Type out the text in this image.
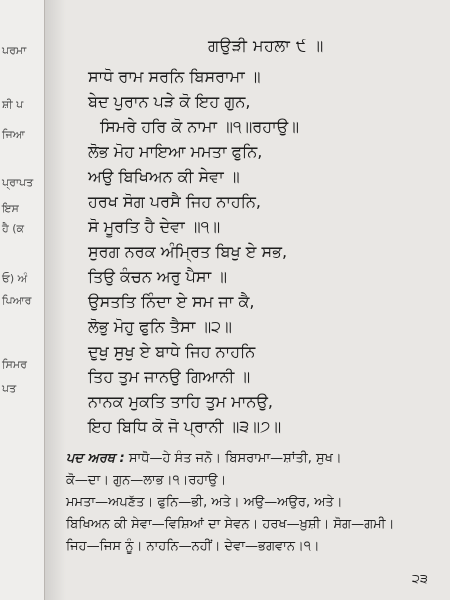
ਪਰਮਾ
ਸ਼ੀ ਪ
ਜਿਆ
ਪ੍ਰਾਪਤ
ਇਸ
ਹੈ (ਕ
ਓ) ਅੰ
ਪਿਆਰ
ਸਿਮਰ
ਪਤ
ਗਉੜੀ ਮਹਲਾ ੯ ॥
ਸਾਧੋ ਰਾਮ ਸਰਨਿ ਬਿਸਰਾਮਾ ॥
ਬੇਦ ਪੁਰਾਨ ਪੜੇ ਕੋ ਇਹ ਗੁਨ,
ਸਿਮਰੇ ਹਰਿ ਕੋ ਨਾਮਾ ॥੧॥ਰਹਾਉ॥
ਲੋਭ ਮੋਹ ਮਾਇਆ ਮਮਤਾ ਫੁਨਿ,
ਅਉ ਬਿਖਿਅਨ ਕੀ ਸੇਵਾ ॥
ਹਰਖ ਸੋਗ ਪਰਸੈ ਜਿਹ ਨਾਹਨਿ,
ਸੋ ਮੂਰਤਿ ਹੈ ਦੇਵਾ ॥੧॥
ਸੁਰਗ ਨਰਕ ਅੰਮ੍ਰਿਤ ਬਿਖੁ ਏ ਸਭ,
ਤਿਉ ਕੰਚਨ ਅਰੁ ਪੈਸਾ ॥
ਉਸਤਤਿ ਨਿੰਦਾ ਏ ਸਮ ਜਾ ਕੈ,
ਲੋਭੁ ਮੋਹੁ ਫੁਨਿ ਤੈਸਾ ॥੨॥
ਦੁਖੁ ਸੁਖੁ ਏ ਬਾਧੇ ਜਿਹ ਨਾਹਨਿ
ਤਿਹ ਤੁਮ ਜਾਨਉ ਗਿਆਨੀ ॥
ਨਾਨਕ ਮੁਕਤਿ ਤਾਹਿ ਤੁਮ ਮਾਨਉ,
ਇਹ ਬਿਧਿ ਕੋ ਜੋ ਪ੍ਰਾਨੀ ॥੩॥੭॥
ਪਦ ਅਰਥ : ਸਾਧੋ—ਹੇ ਸੰਤ ਜਨੋ। ਬਿਸਰਾਮਾ—ਸ਼ਾਂਤੀ, ਸੁਖ।
ਕੋ—ਦਾ। ਗੁਨ—ਲਾਭ।੧।ਰਹਾਉ।
ਮਮਤਾ—ਅਪਣੱਤ। ਫੁਨਿ—ਭੀ, ਅਤੇ। ਅਉ—ਅਉਰ, ਅਤੇ।
ਬਿਖਿਅਨ ਕੀ ਸੇਵਾ—ਵਿਸ਼ਿਆਂ ਦਾ ਸੇਵਨ। ਹਰਖ—ਖ਼ੁਸ਼ੀ। ਸੋਗ—ਗਮੀ।
ਜਿਹ—ਜਿਸ ਨੂੰ। ਨਾਹਨਿ—ਨਹੀਂ। ਦੇਵਾ—ਭਗਵਾਨ।੧।
੨੩
